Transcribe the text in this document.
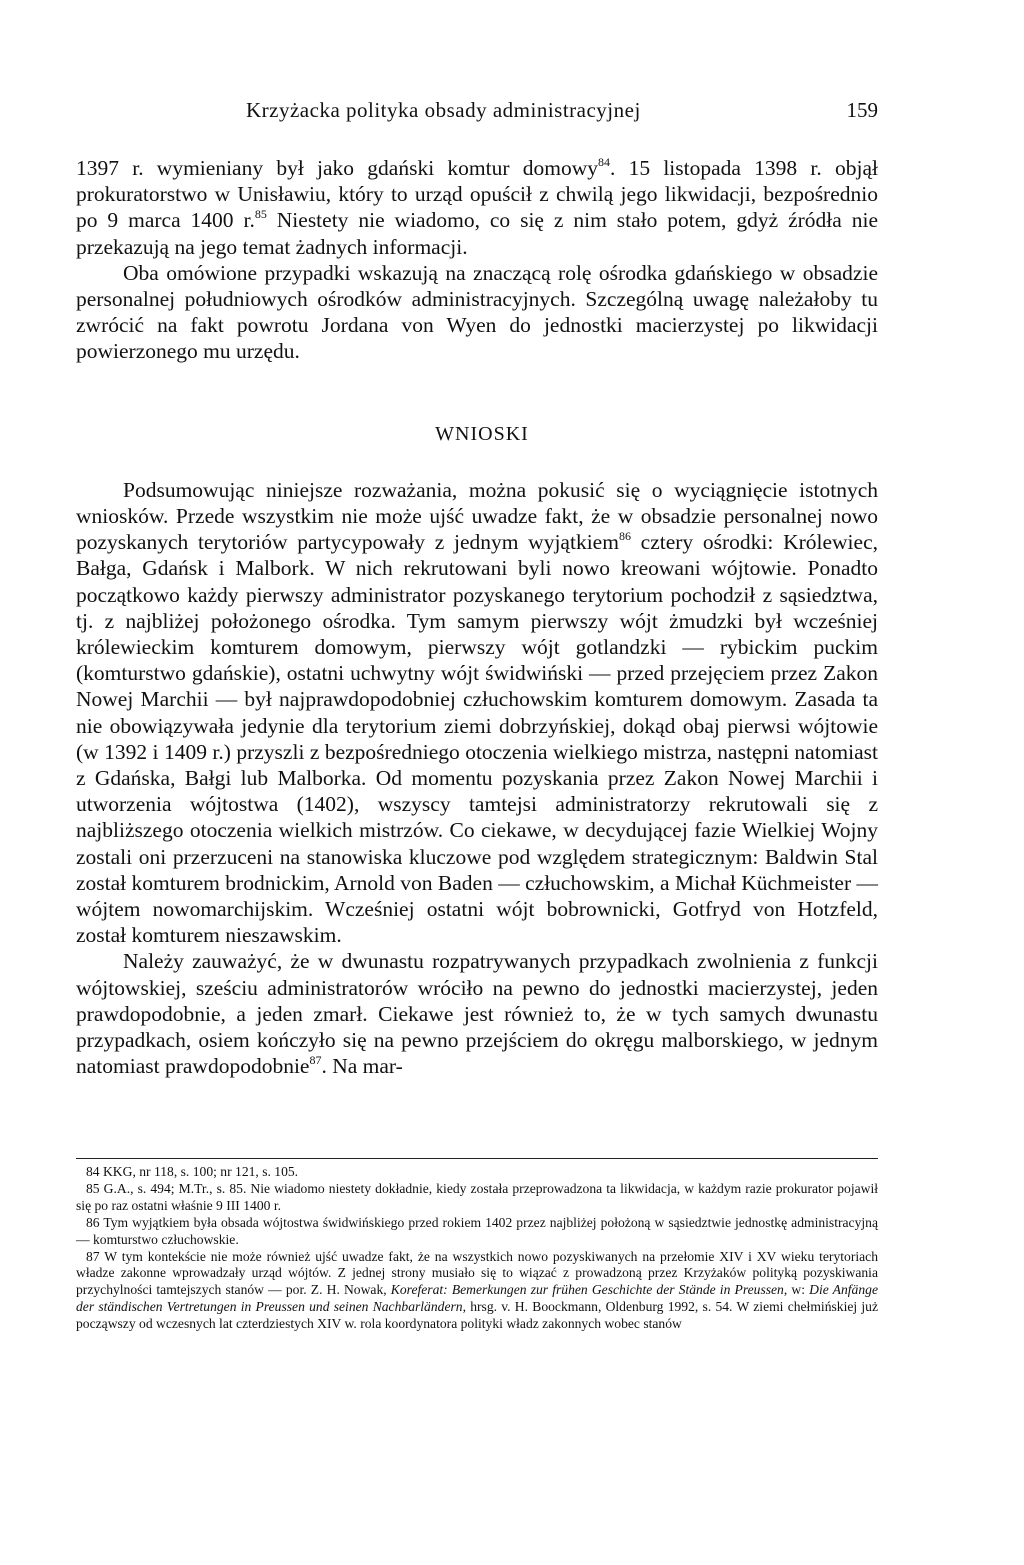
Krzyżacka polityka obsady administracyjnej	159

1397 r. wymieniany był jako gdański komtur domowy$^{84}$. 15 listopada 1398 r. objął prokuratorstwo w Unisławiu, który to urząd opuścił z chwilą jego likwidacji, bezpośrednio po 9 marca 1400 r.$^{85}$ Niestety nie wiadomo, co się z nim stało potem, gdyż źródła nie przekazują na jego temat żadnych informacji.

Oba omówione przypadki wskazują na znaczącą rolę ośrodka gdańskiego w obsadzie personalnej południowych ośrodków administracyjnych. Szczególną uwagę należałoby tu zwrócić na fakt powrotu Jordana von Wyen do jednostki macierzystej po likwidacji powierzonego mu urzędu.

WNIOSKI

Podsumowując niniejsze rozważania, można pokusić się o wyciągnięcie istotnych wniosków. Przede wszystkim nie może ujść uwadze fakt, że w obsadzie personalnej nowo pozyskanych terytoriów partycypowały z jednym wyjątkiem$^{86}$ cztery ośrodki: Królewiec, Bałga, Gdańsk i Malbork. W nich rekrutowani byli nowo kreowani wójtowie. Ponadto początkowo każdy pierwszy administrator pozyskanego terytorium pochodził z sąsiedztwa, tj. z najbliżej położonego ośrodka. Tym samym pierwszy wójt żmudzki był wcześniej królewieckim komturem domowym, pierwszy wójt gotlandzki — rybickim puckim (komturstwo gdańskie), ostatni uchwytny wójt świdwiński — przed przejęciem przez Zakon Nowej Marchii — był najprawdopodobniej człuchowskim komturem domowym. Zasada ta nie obowiązywała jedynie dla terytorium ziemi dobrzyńskiej, dokąd obaj pierwsi wójtowie (w 1392 i 1409 r.) przyszli z bezpośredniego otoczenia wielkiego mistrza, następni natomiast z Gdańska, Bałgi lub Malborka. Od momentu pozyskania przez Zakon Nowej Marchii i utworzenia wójtostwa (1402), wszyscy tamtejsi administratorzy rekrutowali się z najbliższego otoczenia wielkich mistrzów. Co ciekawe, w decydującej fazie Wielkiej Wojny zostali oni przerzuceni na stanowiska kluczowe pod względem strategicznym: Baldwin Stal został komturem brodnickim, Arnold von Baden — człuchowskim, a Michał Küchmeister — wójtem nowomarchijskim. Wcześniej ostatni wójt bobrownicki, Gotfryd von Hotzfeld, został komturem nieszawskim.

Należy zauważyć, że w dwunastu rozpatrywanych przypadkach zwolnienia z funkcji wójtowskiej, sześciu administratorów wróciło na pewno do jednostki macierzystej, jeden prawdopodobnie, a jeden zmarł. Ciekawe jest również to, że w tych samych dwunastu przypadkach, osiem kończyło się na pewno przejściem do okręgu malborskiego, w jednym natomiast prawdopodobnie$^{87}$. Na mar-

84 KKG, nr 118, s. 100; nr 121, s. 105.

85 G.A., s. 494; M.Tr., s. 85. Nie wiadomo niestety dokładnie, kiedy została przeprowadzona ta likwidacja, w każdym razie prokurator pojawił się po raz ostatni właśnie 9 III 1400 r.

86 Tym wyjątkiem była obsada wójtostwa świdwińskiego przed rokiem 1402 przez najbliżej położoną w sąsiedztwie jednostkę administracyjną — komturstwo człuchowskie.

87 W tym kontekście nie może również ujść uwadze fakt, że na wszystkich nowo pozyskiwanych na przełomie XIV i XV wieku terytoriach władze zakonne wprowadzały urząd wójtów. Z jednej strony musiało się to wiązać z prowadzoną przez Krzyżaków polityką pozyskiwania przychylności tamtejszych stanów — por. Z. H. Nowak, Koreferat: Bemerkungen zur frühen Geschichte der Stände in Preussen, w: Die Anfänge der ständischen Vertretungen in Preussen und seinen Nachbarländern, hrsg. v. H. Boockmann, Oldenburg 1992, s. 54. W ziemi chełmińskiej już począwszy od wczesnych lat czterdziestych XIV w. rola koordynatora polityki władz zakonnych wobec stanów
